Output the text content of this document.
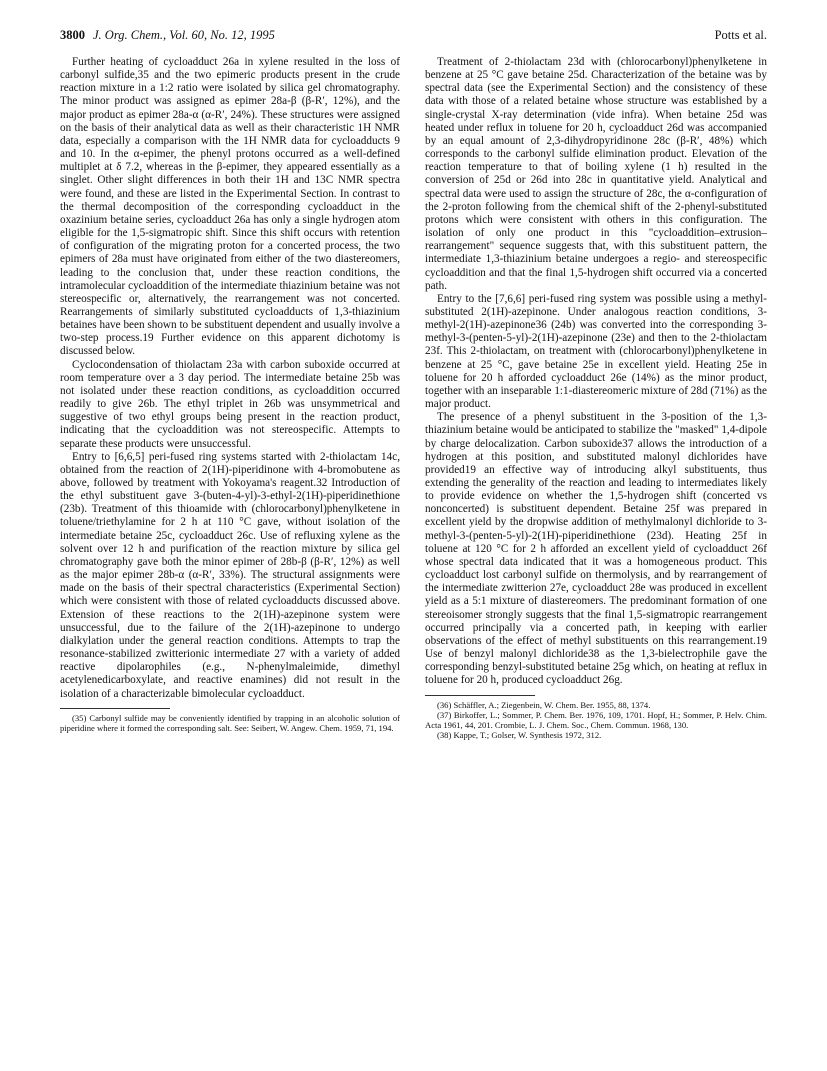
3800 J. Org. Chem., Vol. 60, No. 12, 1995	Potts et al.

Further heating of cycloadduct 26a in xylene resulted in the loss of carbonyl sulfide,35 and the two epimeric products present in the crude reaction mixture in a 1:2 ratio were isolated by silica gel chromatography. The minor product was assigned as epimer 28a-β (β-R′, 12%), and the major product as epimer 28a-α (α-R′, 24%). These structures were assigned on the basis of their analytical data as well as their characteristic 1H NMR data, especially a comparison with the 1H NMR data for cycloadducts 9 and 10. In the α-epimer, the phenyl protons occurred as a well-defined multiplet at δ 7.2, whereas in the β-epimer, they appeared essentially as a singlet. Other slight differences in both their 1H and 13C NMR spectra were found, and these are listed in the Experimental Section. In contrast to the thermal decomposition of the corresponding cycloadduct in the oxazinium betaine series, cycloadduct 26a has only a single hydrogen atom eligible for the 1,5-sigmatropic shift. Since this shift occurs with retention of configuration of the migrating proton for a concerted process, the two epimers of 28a must have originated from either of the two diastereomers, leading to the conclusion that, under these reaction conditions, the intramolecular cycloaddition of the intermediate thiazinium betaine was not stereospecific or, alternatively, the rearrangement was not concerted. Rearrangements of similarly substituted cycloadducts of 1,3-thiazinium betaines have been shown to be substituent dependent and usually involve a two-step process.19 Further evidence on this apparent dichotomy is discussed below.

Cyclocondensation of thiolactam 23a with carbon suboxide occurred at room temperature over a 3 day period. The intermediate betaine 25b was not isolated under these reaction conditions, as cycloaddition occurred readily to give 26b. The ethyl triplet in 26b was unsymmetrical and suggestive of two ethyl groups being present in the reaction product, indicating that the cycloaddition was not stereospecific. Attempts to separate these products were unsuccessful.

Entry to [6,6,5] peri-fused ring systems started with 2-thiolactam 14c, obtained from the reaction of 2(1H)-piperidinone with 4-bromobutene as above, followed by treatment with Yokoyama's reagent.32 Introduction of the ethyl substituent gave 3-(buten-4-yl)-3-ethyl-2(1H)-piperidinethione (23b). Treatment of this thioamide with (chlorocarbonyl)phenylketene in toluene/triethylamine for 2 h at 110 °C gave, without isolation of the intermediate betaine 25c, cycloadduct 26c. Use of refluxing xylene as the solvent over 12 h and purification of the reaction mixture by silica gel chromatography gave both the minor epimer of 28b-β (β-R′, 12%) as well as the major epimer 28b-α (α-R′, 33%). The structural assignments were made on the basis of their spectral characteristics (Experimental Section) which were consistent with those of related cycloadducts discussed above. Extension of these reactions to the 2(1H)-azepinone system were unsuccessful, due to the failure of the 2(1H)-azepinone to undergo dialkylation under the general reaction conditions. Attempts to trap the resonance-stabilized zwitterionic intermediate 27 with a variety of added reactive dipolarophiles (e.g., N-phenylmaleimide, dimethyl acetylenedicarboxylate, and reactive enamines) did not result in the isolation of a characterizable bimolecular cycloadduct.

(35) Carbonyl sulfide may be conveniently identified by trapping in an alcoholic solution of piperidine where it formed the corresponding salt. See: Seibert, W. Angew. Chem. 1959, 71, 194.

Treatment of 2-thiolactam 23d with (chlorocarbonyl)phenylketene in benzene at 25 °C gave betaine 25d. Characterization of the betaine was by spectral data (see the Experimental Section) and the consistency of these data with those of a related betaine whose structure was established by a single-crystal X-ray determination (vide infra). When betaine 25d was heated under reflux in toluene for 20 h, cycloadduct 26d was accompanied by an equal amount of 2,3-dihydropyridinone 28c (β-R′, 48%) which corresponds to the carbonyl sulfide elimination product. Elevation of the reaction temperature to that of boiling xylene (1 h) resulted in the conversion of 25d or 26d into 28c in quantitative yield. Analytical and spectral data were used to assign the structure of 28c, the α-configuration of the 2-proton following from the chemical shift of the 2-phenyl-substituted protons which were consistent with others in this configuration. The isolation of only one product in this "cycloaddition–extrusion–rearrangement" sequence suggests that, with this substituent pattern, the intermediate 1,3-thiazinium betaine undergoes a regio- and stereospecific cycloaddition and that the final 1,5-hydrogen shift occurred via a concerted path.

Entry to the [7,6,6] peri-fused ring system was possible using a methyl-substituted 2(1H)-azepinone. Under analogous reaction conditions, 3-methyl-2(1H)-azepinone36 (24b) was converted into the corresponding 3-methyl-3-(penten-5-yl)-2(1H)-azepinone (23e) and then to the 2-thiolactam 23f. This 2-thiolactam, on treatment with (chlorocarbonyl)phenylketene in benzene at 25 °C, gave betaine 25e in excellent yield. Heating 25e in toluene for 20 h afforded cycloadduct 26e (14%) as the minor product, together with an inseparable 1:1-diastereomeric mixture of 28d (71%) as the major product.

The presence of a phenyl substituent in the 3-position of the 1,3-thiazinium betaine would be anticipated to stabilize the "masked" 1,4-dipole by charge delocalization. Carbon suboxide37 allows the introduction of a hydrogen at this position, and substituted malonyl dichlorides have provided19 an effective way of introducing alkyl substituents, thus extending the generality of the reaction and leading to intermediates likely to provide evidence on whether the 1,5-hydrogen shift (concerted vs nonconcerted) is substituent dependent. Betaine 25f was prepared in excellent yield by the dropwise addition of methylmalonyl dichloride to 3-methyl-3-(penten-5-yl)-2(1H)-piperidinethione (23d). Heating 25f in toluene at 120 °C for 2 h afforded an excellent yield of cycloadduct 26f whose spectral data indicated that it was a homogeneous product. This cycloadduct lost carbonyl sulfide on thermolysis, and by rearrangement of the intermediate zwitterion 27e, cycloadduct 28e was produced in excellent yield as a 5:1 mixture of diastereomers. The predominant formation of one stereoisomer strongly suggests that the final 1,5-sigmatropic rearrangement occurred principally via a concerted path, in keeping with earlier observations of the effect of methyl substituents on this rearrangement.19 Use of benzyl malonyl dichloride38 as the 1,3-bielectrophile gave the corresponding benzyl-substituted betaine 25g which, on heating at reflux in toluene for 20 h, produced cycloadduct 26g.

(36) Schäffler, A.; Ziegenbein, W. Chem. Ber. 1955, 88, 1374.

(37) Birkoffer, L.; Sommer, P. Chem. Ber. 1976, 109, 1701. Hopf, H.; Sommer, P. Helv. Chim. Acta 1961, 44, 201. Crombie, L. J. Chem. Soc., Chem. Commun. 1968, 130.

(38) Kappe, T.; Golser, W. Synthesis 1972, 312.
